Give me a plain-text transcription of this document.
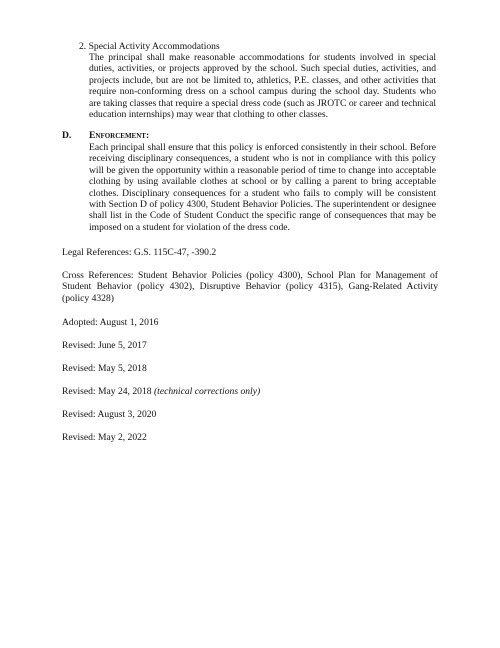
2. Special Activity Accommodations

The principal shall make reasonable accommodations for students involved in special duties, activities, or projects approved by the school. Such special duties, activities, and projects include, but are not be limited to, athletics, P.E. classes, and other activities that require non-conforming dress on a school campus during the school day. Students who are taking classes that require a special dress code (such as JROTC or career and technical education internships) may wear that clothing to other classes.

D. Enforcement:

Each principal shall ensure that this policy is enforced consistently in their school. Before receiving disciplinary consequences, a student who is not in compliance with this policy will be given the opportunity within a reasonable period of time to change into acceptable clothing by using available clothes at school or by calling a parent to bring acceptable clothes. Disciplinary consequences for a student who fails to comply will be consistent with Section D of policy 4300, Student Behavior Policies. The superintendent or designee shall list in the Code of Student Conduct the specific range of consequences that may be imposed on a student for violation of the dress code.

Legal References: G.S. 115C-47, -390.2

Cross References: Student Behavior Policies (policy 4300), School Plan for Management of Student Behavior (policy 4302), Disruptive Behavior (policy 4315), Gang-Related Activity (policy 4328)

Adopted: August 1, 2016

Revised: June 5, 2017

Revised: May 5, 2018

Revised: May 24, 2018 (technical corrections only)

Revised: August 3, 2020

Revised: May 2, 2022
